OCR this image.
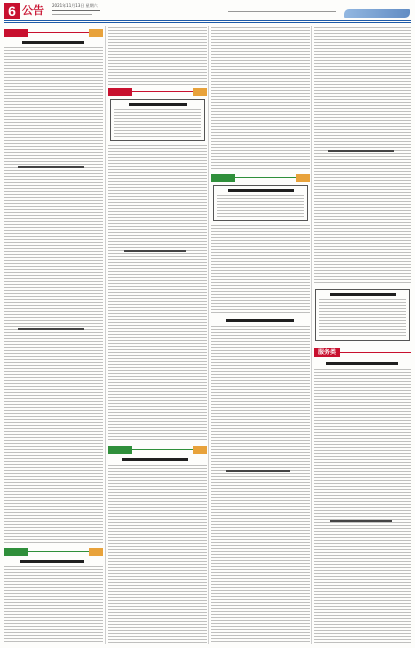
6 公告 2021年11月13日 星期六
服务类
